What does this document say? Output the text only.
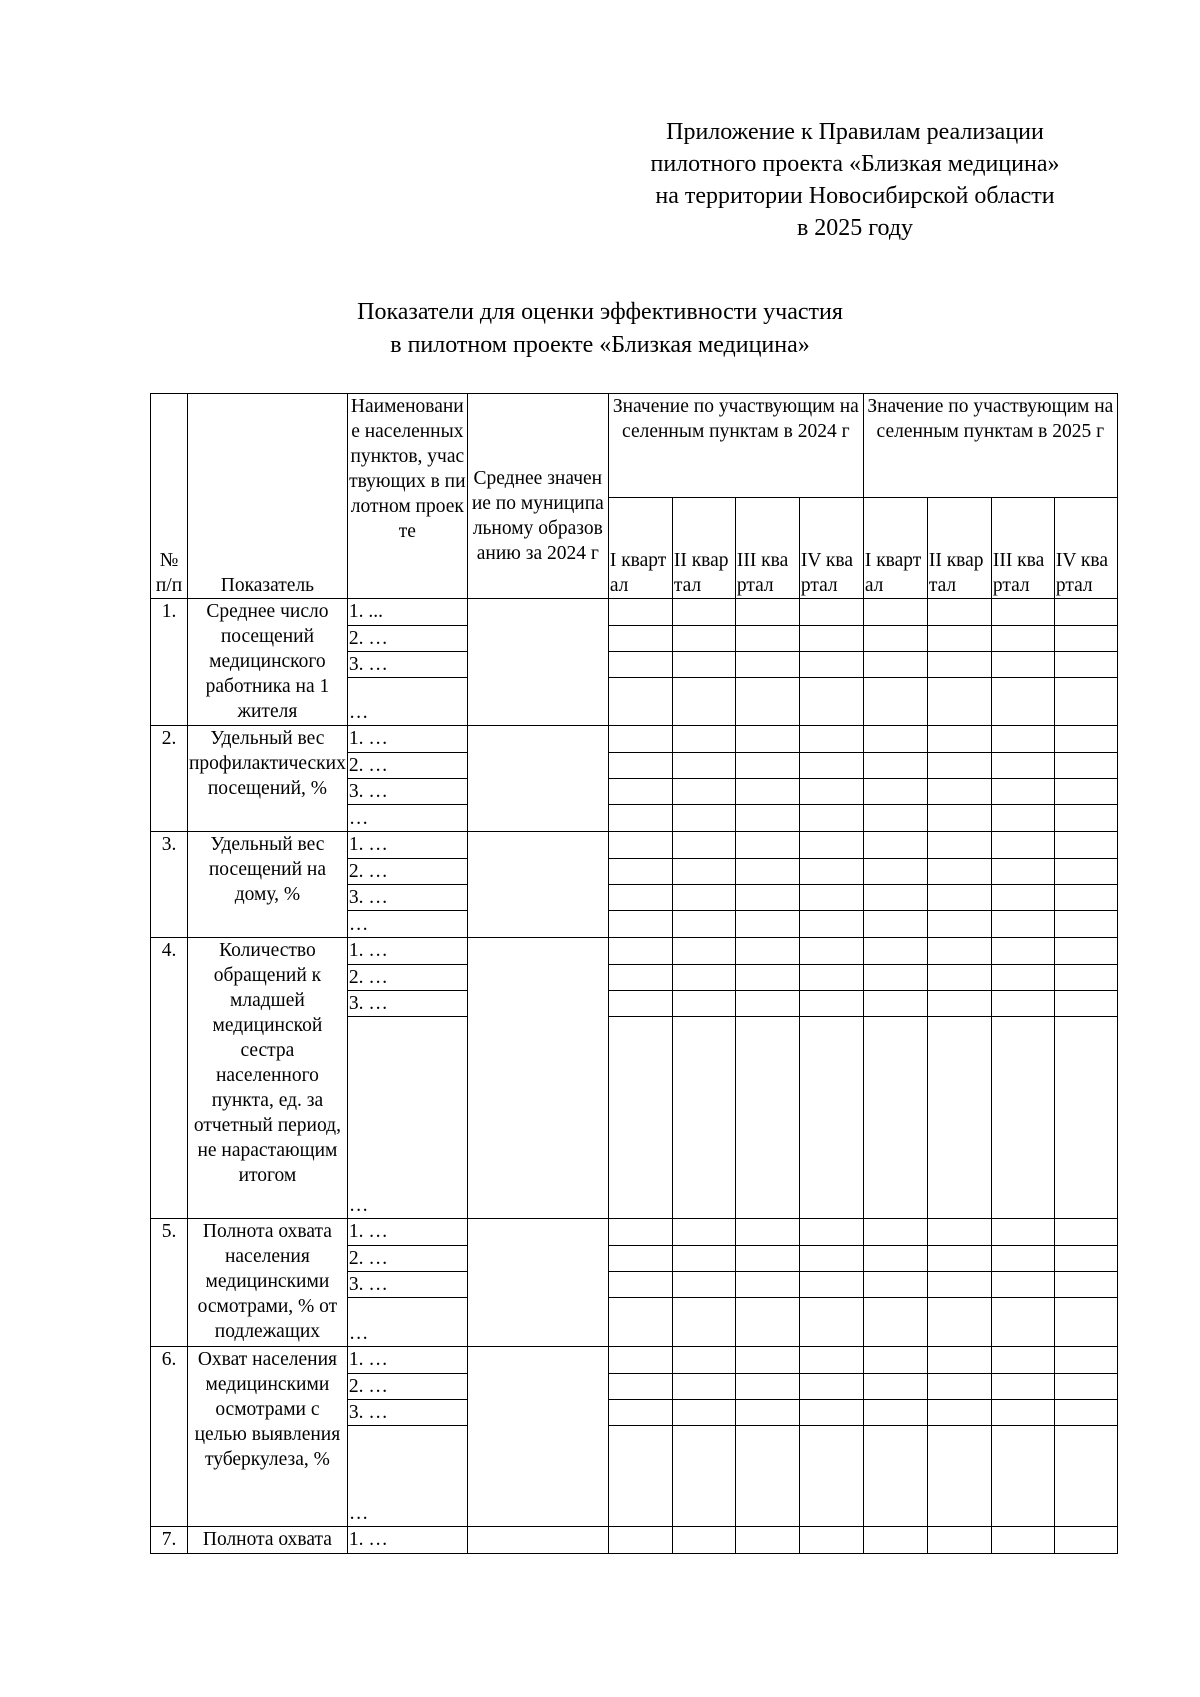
Приложение к Правилам реализации
пилотного проекта «Близкая медицина»
на территории Новосибирской области
в 2025 году
Показатели для оценки эффективности участия
в пилотном проекте «Близкая медицина»
№ п/п	Показатель	Наименование населенных пунктов, участвующих в пилотном проекте	Среднее значение по муниципальному образованию за 2024 г	Значение по участвующим населенным пунктам в 2024 г				Значение по участвующим населенным пунктам в 2025 г			
				I квартал	II квартал	III квартал	IV квартал	I квартал	II квартал	III квартал	IV квартал
1.	Среднее число посещений медицинского работника на 1 жителя	1. ...									
		2. …									
		3. …									
		…									
2.	Удельный вес профилактических посещений, %	1. …									
		2. …									
		3. …									
		…									
3.	Удельный вес посещений на дому, %	1. …									
		2. …									
		3. …									
		…									
4.	Количество обращений к младшей медицинской сестра населенного пункта, ед. за отчетный период, не нарастающим итогом	1. …									
		2. …									
		3. …									
		…									
5.	Полнота охвата населения медицинскими осмотрами, % от подлежащих	1. …									
		2. …									
		3. …									
		…									
6.	Охват населения медицинскими осмотрами с целью выявления туберкулеза, %	1. …									
		2. …									
		3. …									
		…									
7.	Полнота охвата	1. …									
